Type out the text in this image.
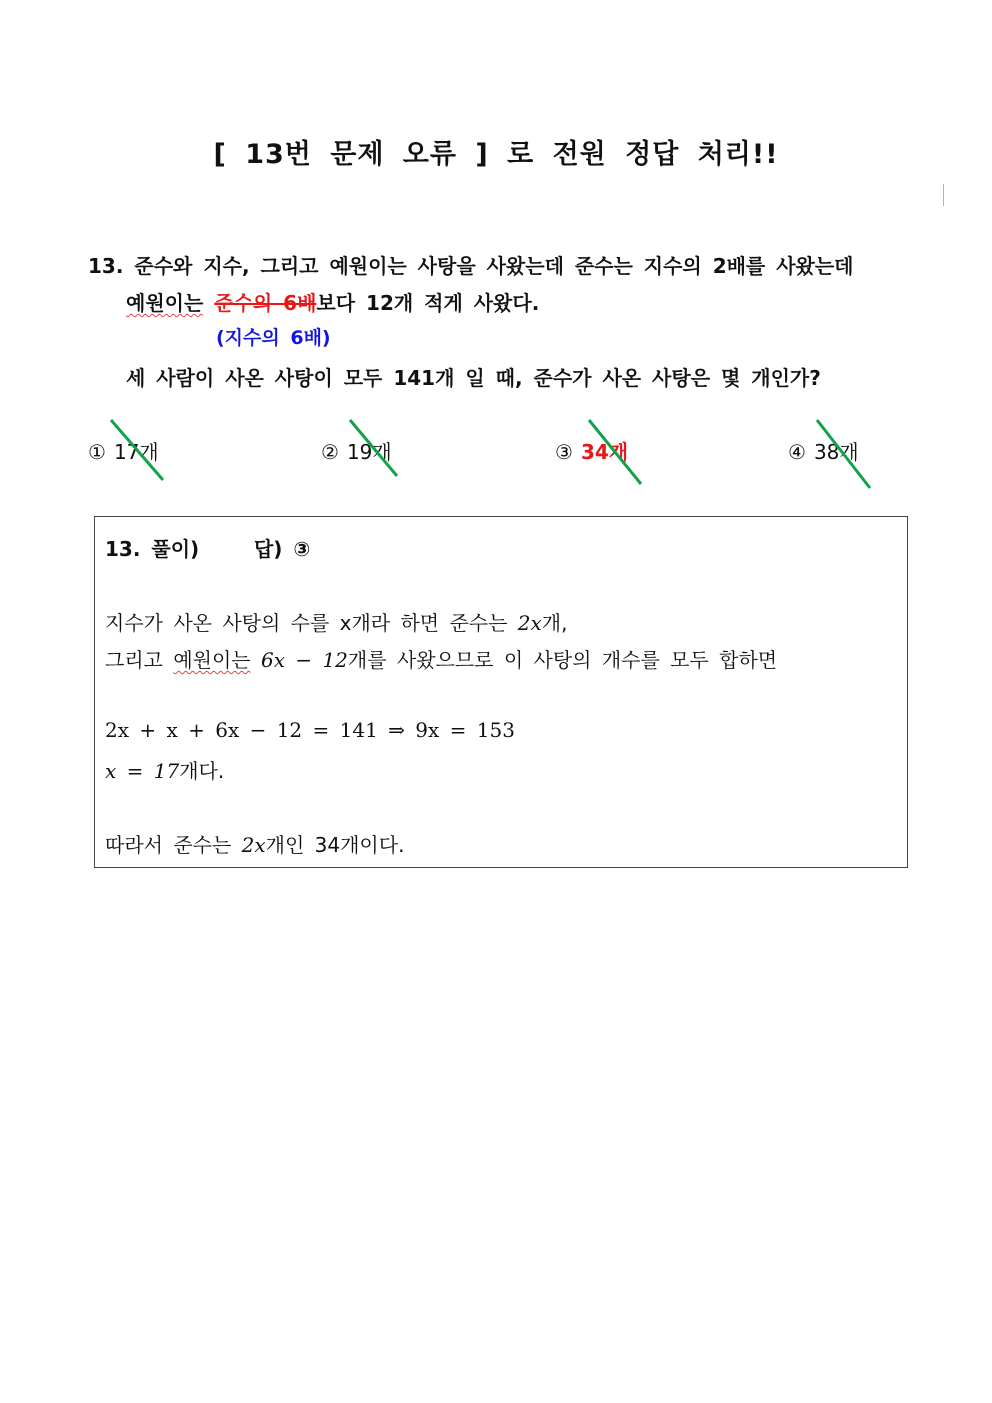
[ 13번 문제 오류 ] 로 전원 정답 처리!!
13. 준수와 지수, 그리고 예원이는 사탕을 사왔는데 준수는 지수의 2배를 사왔는데
예원이는 준수의 6배보다 12개 적게 사왔다.
(지수의 6배)
세 사람이 사온 사탕이 모두 141개 일 때, 준수가 사온 사탕은 몇 개인가?
① 17개	② 19개	③ 34개	④ 38개
13. 풀이)     답) ③
지수가 사온 사탕의 수를 x개라 하면 준수는 2x개,
그리고 예원이는 6x − 12개를 사왔으므로 이 사탕의 개수를 모두 합하면
2x + x + 6x − 12 = 141 ⇒ 9x = 153
x = 17개다.
따라서 준수는 2x개인 34개이다.
